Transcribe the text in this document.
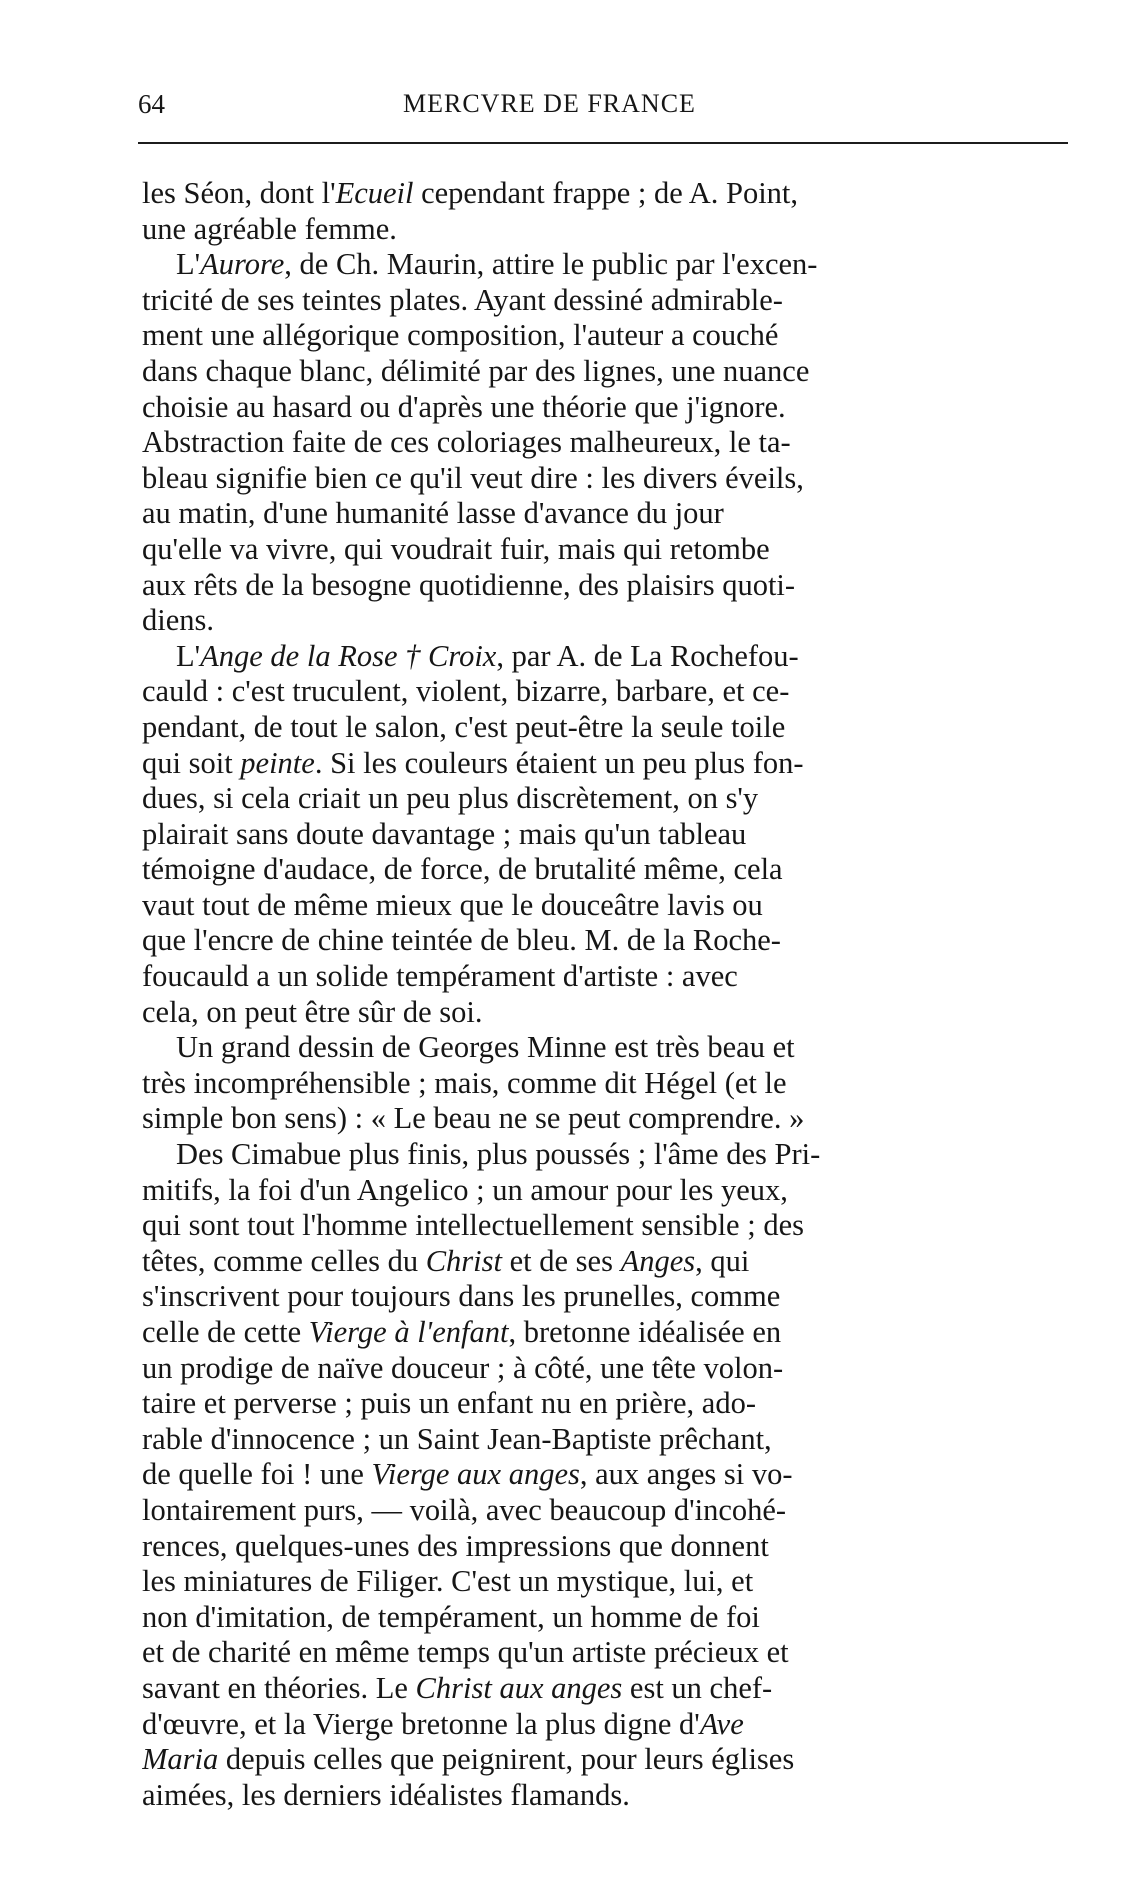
64	MERCVRE DE FRANCE
les Séon, dont l'Ecueil cependant frappe ; de A. Point,
une agréable femme.
L'Aurore, de Ch. Maurin, attire le public par l'excen-
tricité de ses teintes plates. Ayant dessiné admirable-
ment une allégorique composition, l'auteur a couché
dans chaque blanc, délimité par des lignes, une nuance
choisie au hasard ou d'après une théorie que j'ignore.
Abstraction faite de ces coloriages malheureux, le ta-
bleau signifie bien ce qu'il veut dire : les divers éveils,
au matin, d'une humanité lasse d'avance du jour
qu'elle va vivre, qui voudrait fuir, mais qui retombe
aux rêts de la besogne quotidienne, des plaisirs quoti-
diens.
L'Ange de la Rose † Croix, par A. de La Rochefou-
cauld : c'est truculent, violent, bizarre, barbare, et ce-
pendant, de tout le salon, c'est peut-être la seule toile
qui soit peinte. Si les couleurs étaient un peu plus fon-
dues, si cela criait un peu plus discrètement, on s'y
plairait sans doute davantage ; mais qu'un tableau
témoigne d'audace, de force, de brutalité même, cela
vaut tout de même mieux que le douceâtre lavis ou
que l'encre de chine teintée de bleu. M. de la Roche-
foucauld a un solide tempérament d'artiste : avec
cela, on peut être sûr de soi.
Un grand dessin de Georges Minne est très beau et
très incompréhensible ; mais, comme dit Hégel (et le
simple bon sens) : « Le beau ne se peut comprendre. »
Des Cimabue plus finis, plus poussés ; l'âme des Pri-
mitifs, la foi d'un Angelico ; un amour pour les yeux,
qui sont tout l'homme intellectuellement sensible ; des
têtes, comme celles du Christ et de ses Anges, qui
s'inscrivent pour toujours dans les prunelles, comme
celle de cette Vierge à l'enfant, bretonne idéalisée en
un prodige de naïve douceur ; à côté, une tête volon-
taire et perverse ; puis un enfant nu en prière, ado-
rable d'innocence ; un Saint Jean-Baptiste prêchant,
de quelle foi ! une Vierge aux anges, aux anges si vo-
lontairement purs, — voilà, avec beaucoup d'incohé-
rences, quelques-unes des impressions que donnent
les miniatures de Filiger. C'est un mystique, lui, et
non d'imitation, de tempérament, un homme de foi
et de charité en même temps qu'un artiste précieux et
savant en théories. Le Christ aux anges est un chef-
d'œuvre, et la Vierge bretonne la plus digne d'Ave
Maria depuis celles que peignirent, pour leurs églises
aimées, les derniers idéalistes flamands.
